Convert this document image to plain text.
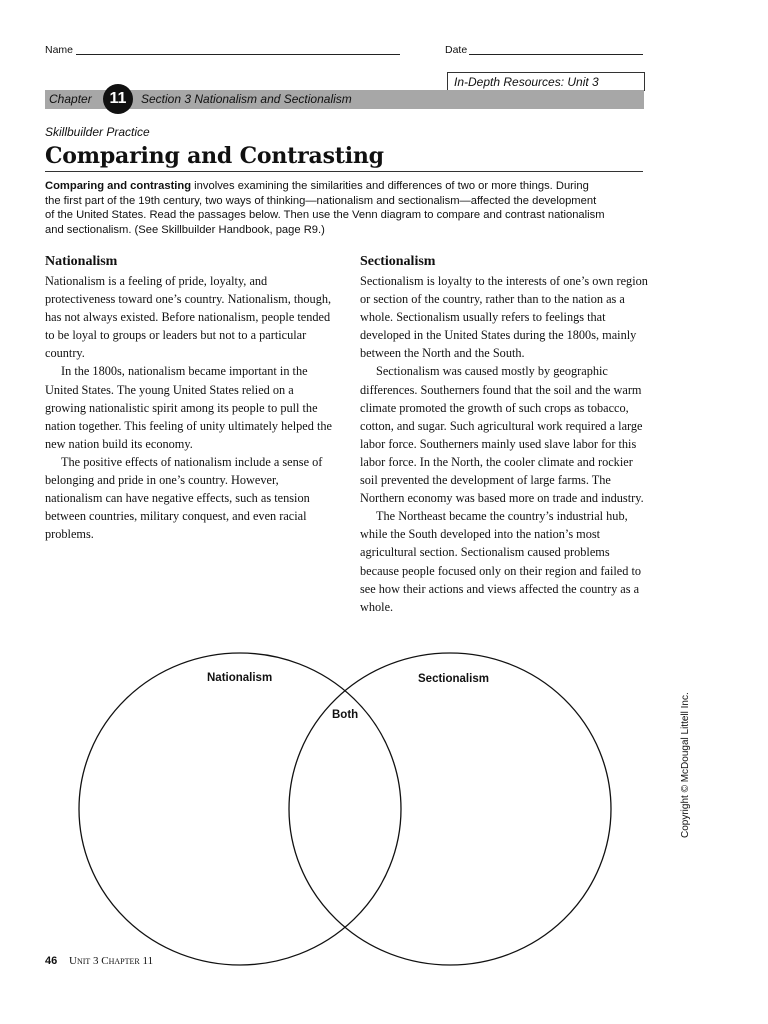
Name	Date
In-Depth Resources: Unit 3
Chapter	11	Section 3 Nationalism and Sectionalism
Skillbuilder Practice
Comparing and Contrasting
Comparing and contrasting involves examining the similarities and differences of two or more things. During the first part of the 19th century, two ways of thinking—nationalism and sectionalism—affected the development of the United States. Read the passages below. Then use the Venn diagram to compare and contrast nationalism and sectionalism. (See Skillbuilder Handbook, page R9.)
Nationalism

Nationalism is a feeling of pride, loyalty, and protectiveness toward one’s country. Nationalism, though, has not always existed. Before nationalism, people tended to be loyal to groups or leaders but not to a particular country.

In the 1800s, nationalism became important in the United States. The young United States relied on a growing nationalistic spirit among its people to pull the nation together. This feeling of unity ultimately helped the new nation build its economy.

The positive effects of nationalism include a sense of belonging and pride in one’s country. However, nationalism can have negative effects, such as tension between countries, military conquest, and even racial problems.

Sectionalism

Sectionalism is loyalty to the interests of one’s own region or section of the country, rather than to the nation as a whole. Sectionalism usually refers to feelings that developed in the United States during the 1800s, mainly between the North and the South.

Sectionalism was caused mostly by geographic differences. Southerners found that the soil and the warm climate promoted the growth of such crops as tobacco, cotton, and sugar. Such agricultural work required a large labor force. Southerners mainly used slave labor for this labor force. In the North, the cooler climate and rockier soil prevented the development of large farms. The Northern economy was based more on trade and industry.

The Northeast became the country’s industrial hub, while the South developed into the nation’s most agricultural section. Sectionalism caused problems because people focused only on their region and failed to see how their actions and views affected the country as a whole.

Nationalism	Sectionalism
Both	Copyright © McDougal Littell Inc.
46 Unit 3 Chapter 11
